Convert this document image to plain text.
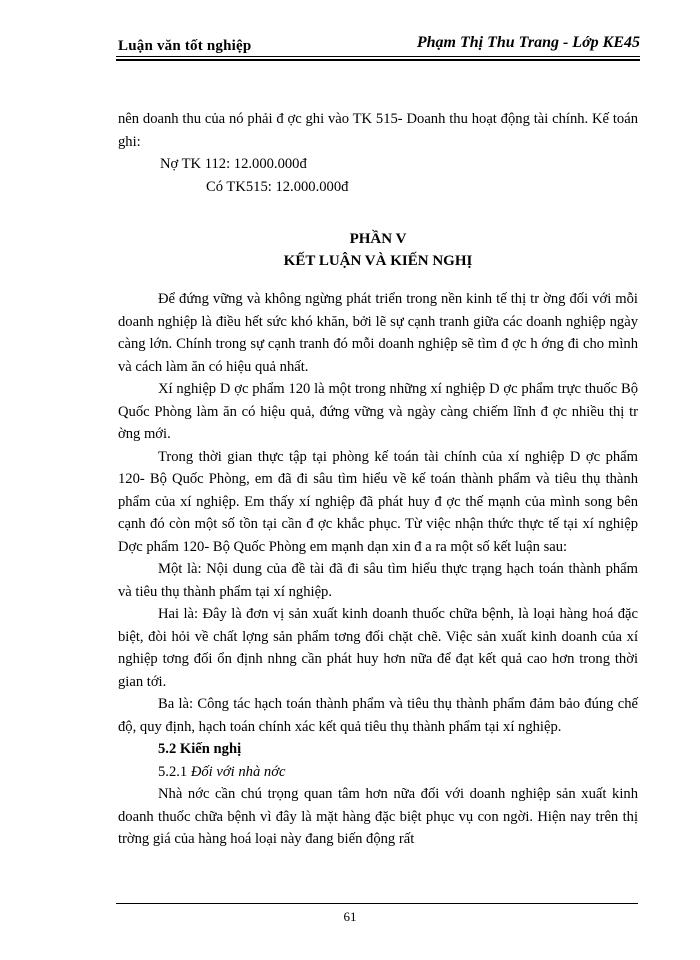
Luận văn tốt nghiệp	Phạm Thị Thu Trang - Lớp KE45

nên doanh thu của nó phải đ ợc ghi vào TK 515- Doanh thu hoạt động tài chính. Kế toán ghi:

Nợ TK 112: 12.000.000đ

Có TK515: 12.000.000đ

PHẦN V

KẾT LUẬN VÀ KIẾN NGHỊ

Để đứng vững và không ngừng phát triển trong nền kinh tế thị tr ờng đối với mỗi doanh nghiệp là điều hết sức khó khăn, bởi lẽ sự cạnh tranh giữa các doanh nghiệp ngày càng lớn. Chính trong sự cạnh tranh đó mỗi doanh nghiệp sẽ tìm đ ợc h ớng đi cho mình và cách làm ăn có hiệu quả nhất.

Xí nghiệp D ợc phẩm 120 là một trong những xí nghiệp D ợc phẩm trực thuốc Bộ Quốc Phòng làm ăn có hiệu quả, đứng vững và ngày càng chiếm lĩnh đ ợc nhiều thị tr ờng mới.

Trong thời gian thực tập tại phòng kế toán tài chính của xí nghiệp D ợc phẩm 120- Bộ Quốc Phòng, em đã đi sâu tìm hiểu về kế toán thành phẩm và tiêu thụ thành phẩm của xí nghiệp. Em thấy xí nghiệp đã phát huy đ ợc thế mạnh của mình song bên cạnh đó còn một số tồn tại cần đ ợc khắc phục. Từ việc nhận thức thực tế tại xí nghiệp Dợc phẩm 120- Bộ Quốc Phòng em mạnh dạn xin đ a ra một số kết luận sau:

Một là: Nội dung của đề tài đã đi sâu tìm hiểu thực trạng hạch toán thành phẩm và tiêu thụ thành phẩm tại xí nghiệp.

Hai là: Đây là đơn vị sản xuất kinh doanh thuốc chữa bệnh, là loại hàng hoá đặc biệt, đòi hỏi về chất lợng sản phẩm tơng đối chặt chẽ. Việc sản xuất kinh doanh của xí nghiệp tơng đối ổn định nhng cần phát huy hơn nữa để đạt kết quả cao hơn trong thời gian tới.

Ba là: Công tác hạch toán thành phẩm và tiêu thụ thành phẩm đảm bảo đúng chế độ, quy định, hạch toán chính xác kết quả tiêu thụ thành phẩm tại xí nghiệp.

5.2 Kiến nghị

5.2.1 Đối với nhà nớc

Nhà nớc cần chú trọng quan tâm hơn nữa đối với doanh nghiệp sản xuất kinh doanh thuốc chữa bệnh vì đây là mặt hàng đặc biệt phục vụ con ngời. Hiện nay trên thị trờng giá của hàng hoá loại này đang biến động rất

61
